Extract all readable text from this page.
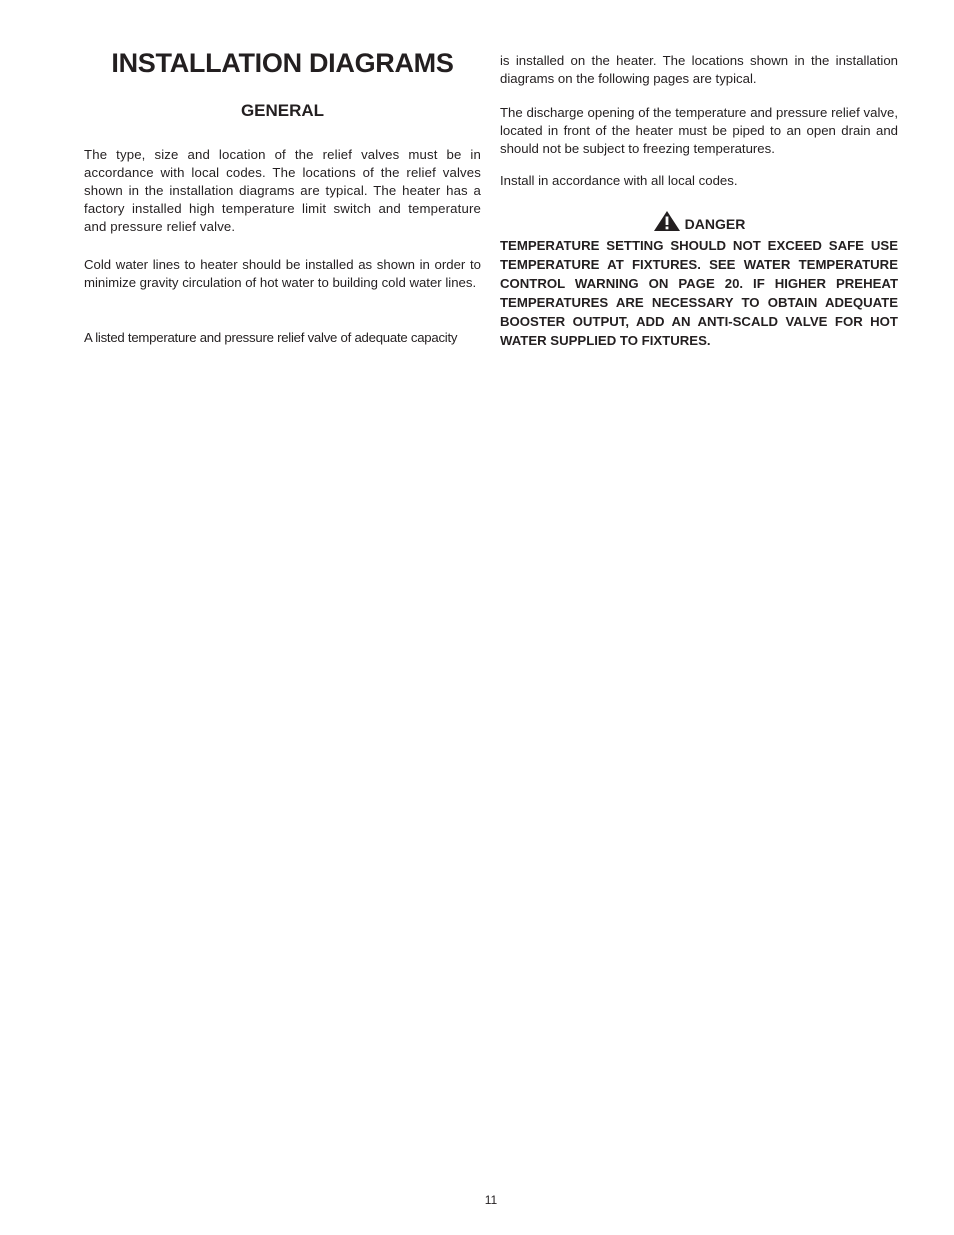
INSTALLATION DIAGRAMS
GENERAL

The type, size and location of the relief valves must be in accordance with local codes. The locations of the relief valves shown in the installation diagrams are typical. The heater has a factory installed high temperature limit switch and temperature and pressure relief valve.

Cold water lines to heater should be installed as shown in order to minimize gravity circulation of hot water to building cold water lines.

A listed temperature and pressure relief valve of adequate capacity

is installed on the heater. The locations shown in the installation diagrams on the following pages are typical.

The discharge opening of the temperature and pressure relief valve, located in front of the heater must be piped to an open drain and should not be subject to freezing temperatures.

Install in accordance with all local codes.

DANGER

TEMPERATURE SETTING SHOULD NOT EXCEED SAFE USE TEMPERATURE AT FIXTURES. SEE WATER TEMPERATURE CONTROL WARNING ON PAGE 20. IF HIGHER PREHEAT TEMPERATURES ARE NECESSARY TO OBTAIN ADEQUATE BOOSTER OUTPUT, ADD AN ANTI-SCALD VALVE FOR HOT WATER SUPPLIED TO FIXTURES.

11
